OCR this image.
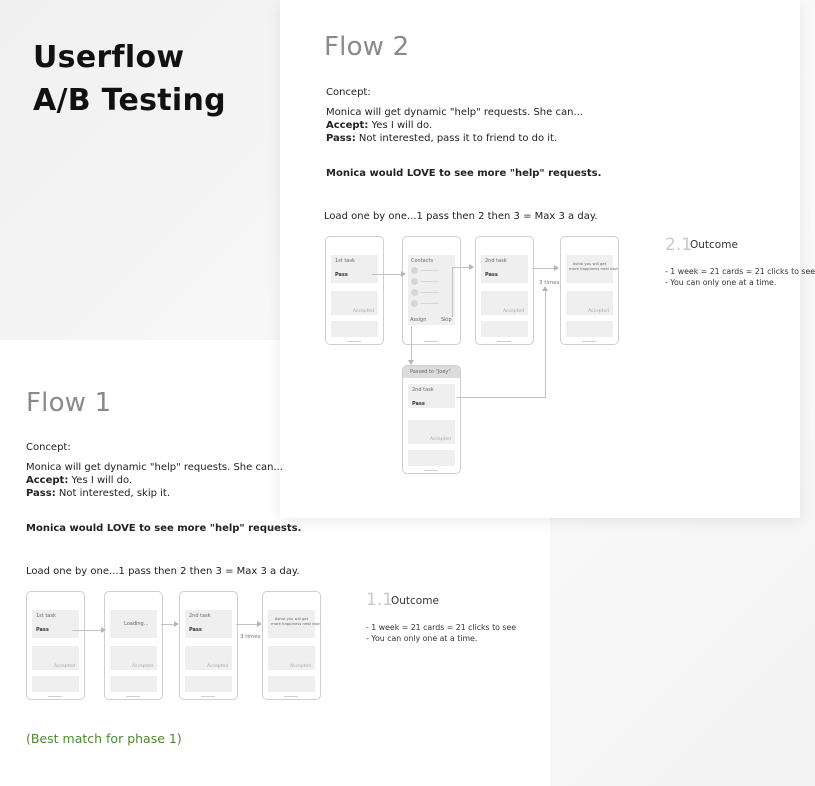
Userflow
A/B Testing
Flow 2
Concept:
Monica will get dynamic "help" requests. She can...
Accept: Yes I will do.
Pass: Not interested, pass it to friend to do it.
Monica would LOVE to see more "help" requests.
Load one by one...1 pass then 2 then 3 = Max 3 a day.
2.1
Outcome
- 1 week = 21 cards = 21 clicks to see
- You can only one at a time.
1st task
Pass
Accepted
Contacts
Assign	Skip
2nd task
Pass
Accepted
Ashla you will get
more happiness next day!
Accepted
Passed to "Joey"
2nd task
Pass
Accepted
3 times
Flow 1
Concept:
Monica will get dynamic "help" requests. She can...
Accept: Yes I will do.
Pass: Not interested, skip it.
Monica would LOVE to see more "help" requests.
Load one by one...1 pass then 2 then 3 = Max 3 a day.
1.1
Outcome
- 1 week = 21 cards = 21 clicks to see
- You can only one at a time.
1st task
Pass
Accepted
Loading...
Accepted
2nd task
Pass
Accepted
Ashla you will get
more happiness next day!
Accepted
3 times
(Best match for phase 1)
